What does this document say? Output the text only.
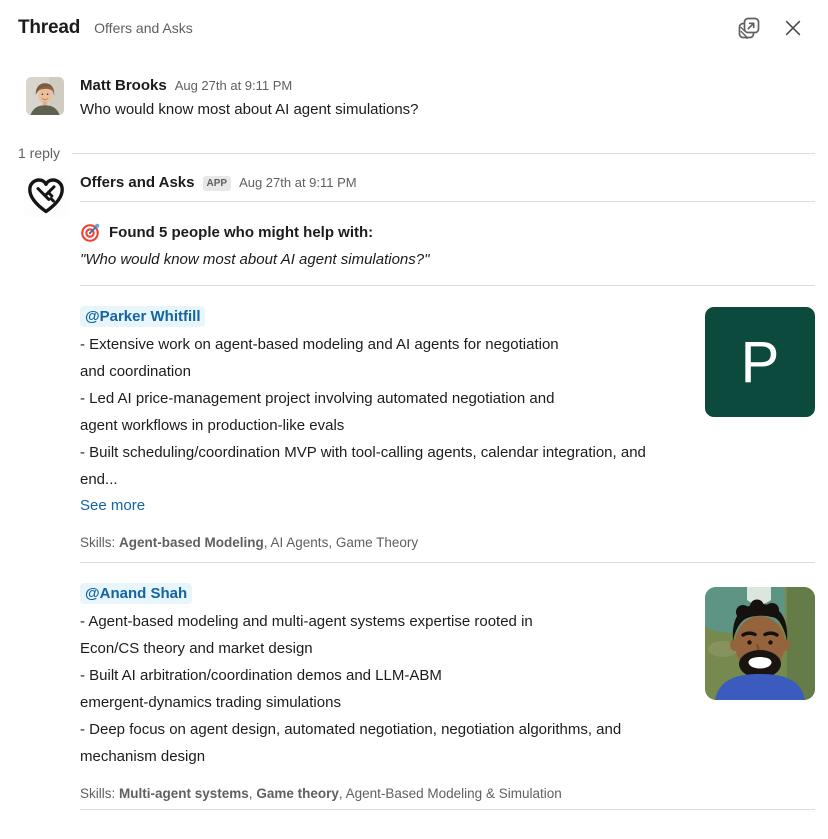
Thread Offers and Asks
Matt Brooks Aug 27th at 9:11 PM
Who would know most about AI agent simulations?
1 reply
Offers and Asks	APP Aug 27th at 9:11 PM
Found 5 people who might help with:
"Who would know most about AI agent simulations?"
P
@Parker Whitfill
- Extensive work on agent-based modeling and AI agents for negotiation
and coordination
- Led AI price-management project involving automated negotiation and
agent workflows in production-like evals
- Built scheduling/coordination MVP with tool-calling agents, calendar integration, and
end...
See more
Skills: Agent-based Modeling, AI Agents, Game Theory
@Anand Shah
- Agent-based modeling and multi-agent systems expertise rooted in
Econ/CS theory and market design
- Built AI arbitration/coordination demos and LLM-ABM
emergent-dynamics trading simulations
- Deep focus on agent design, automated negotiation, negotiation algorithms, and
mechanism design
Skills: Multi-agent systems, Game theory, Agent-Based Modeling & Simulation
